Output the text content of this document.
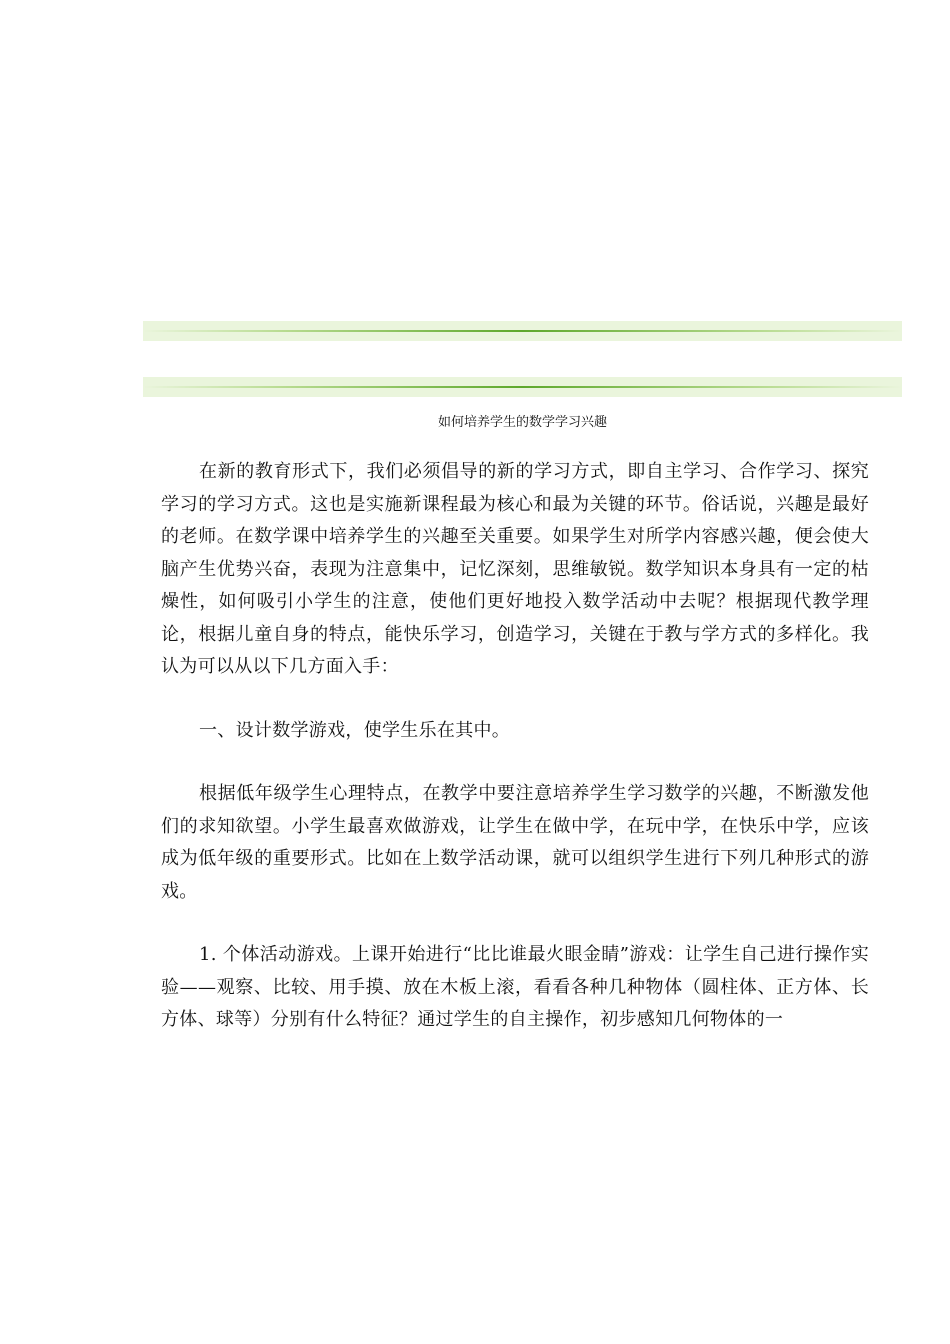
如何培养学生的数学学习兴趣

在新的教育形式下，我们必须倡导的新的学习方式，即自主学习、合作学习、探究学习的学习方式。这也是实施新课程最为核心和最为关键的环节。俗话说，兴趣是最好的老师。在数学课中培养学生的兴趣至关重要。如果学生对所学内容感兴趣，便会使大脑产生优势兴奋，表现为注意集中，记忆深刻，思维敏锐。数学知识本身具有一定的枯燥性，如何吸引小学生的注意，使他们更好地投入数学活动中去呢？根据现代教学理论，根据儿童自身的特点，能快乐学习，创造学习，关键在于教与学方式的多样化。我认为可以从以下几方面入手：

一、设计数学游戏，使学生乐在其中。

根据低年级学生心理特点，在教学中要注意培养学生学习数学的兴趣，不断激发他们的求知欲望。小学生最喜欢做游戏，让学生在做中学，在玩中学，在快乐中学，应该成为低年级的重要形式。比如在上数学活动课，就可以组织学生进行下列几种形式的游戏。

1. 个体活动游戏。上课开始进行“比比谁最火眼金睛”游戏：让学生自己进行操作实验——观察、比较、用手摸、放在木板上滚，看看各种几种物体（圆柱体、正方体、长方体、球等）分别有什么特征？通过学生的自主操作，初步感知几何物体的一
